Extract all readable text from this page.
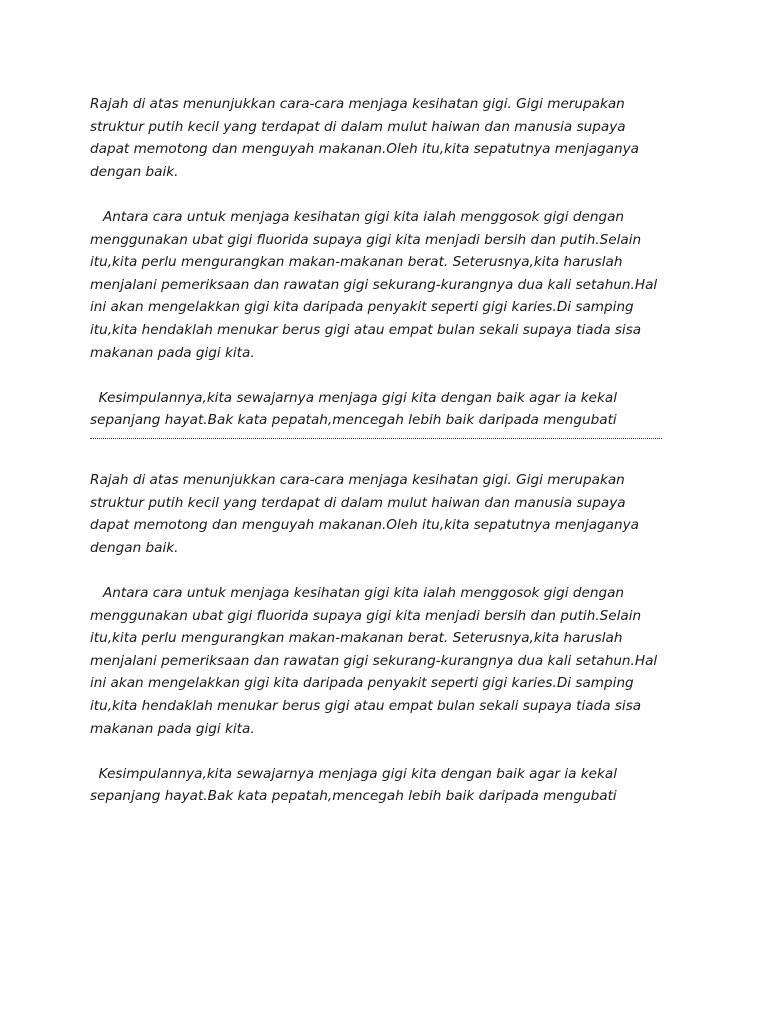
Rajah di atas menunjukkan cara-cara menjaga kesihatan gigi. Gigi merupakan
struktur putih kecil yang terdapat di dalam mulut haiwan dan manusia supaya
dapat memotong dan menguyah makanan.Oleh itu,kita sepatutnya menjaganya
dengan baik.
Antara cara untuk menjaga kesihatan gigi kita ialah menggosok gigi dengan
menggunakan ubat gigi fluorida supaya gigi kita menjadi bersih dan putih.Selain
itu,kita perlu mengurangkan makan-makanan berat. Seterusnya,kita haruslah
menjalani pemeriksaan dan rawatan gigi sekurang-kurangnya dua kali setahun.Hal
ini akan mengelakkan gigi kita daripada penyakit seperti gigi karies.Di samping
itu,kita hendaklah menukar berus gigi atau empat bulan sekali supaya tiada sisa
makanan pada gigi kita.
Kesimpulannya,kita sewajarnya menjaga gigi kita dengan baik agar ia kekal
sepanjang hayat.Bak kata pepatah,mencegah lebih baik daripada mengubati
Rajah di atas menunjukkan cara-cara menjaga kesihatan gigi. Gigi merupakan
struktur putih kecil yang terdapat di dalam mulut haiwan dan manusia supaya
dapat memotong dan menguyah makanan.Oleh itu,kita sepatutnya menjaganya
dengan baik.
Antara cara untuk menjaga kesihatan gigi kita ialah menggosok gigi dengan
menggunakan ubat gigi fluorida supaya gigi kita menjadi bersih dan putih.Selain
itu,kita perlu mengurangkan makan-makanan berat. Seterusnya,kita haruslah
menjalani pemeriksaan dan rawatan gigi sekurang-kurangnya dua kali setahun.Hal
ini akan mengelakkan gigi kita daripada penyakit seperti gigi karies.Di samping
itu,kita hendaklah menukar berus gigi atau empat bulan sekali supaya tiada sisa
makanan pada gigi kita.
Kesimpulannya,kita sewajarnya menjaga gigi kita dengan baik agar ia kekal
sepanjang hayat.Bak kata pepatah,mencegah lebih baik daripada mengubati
